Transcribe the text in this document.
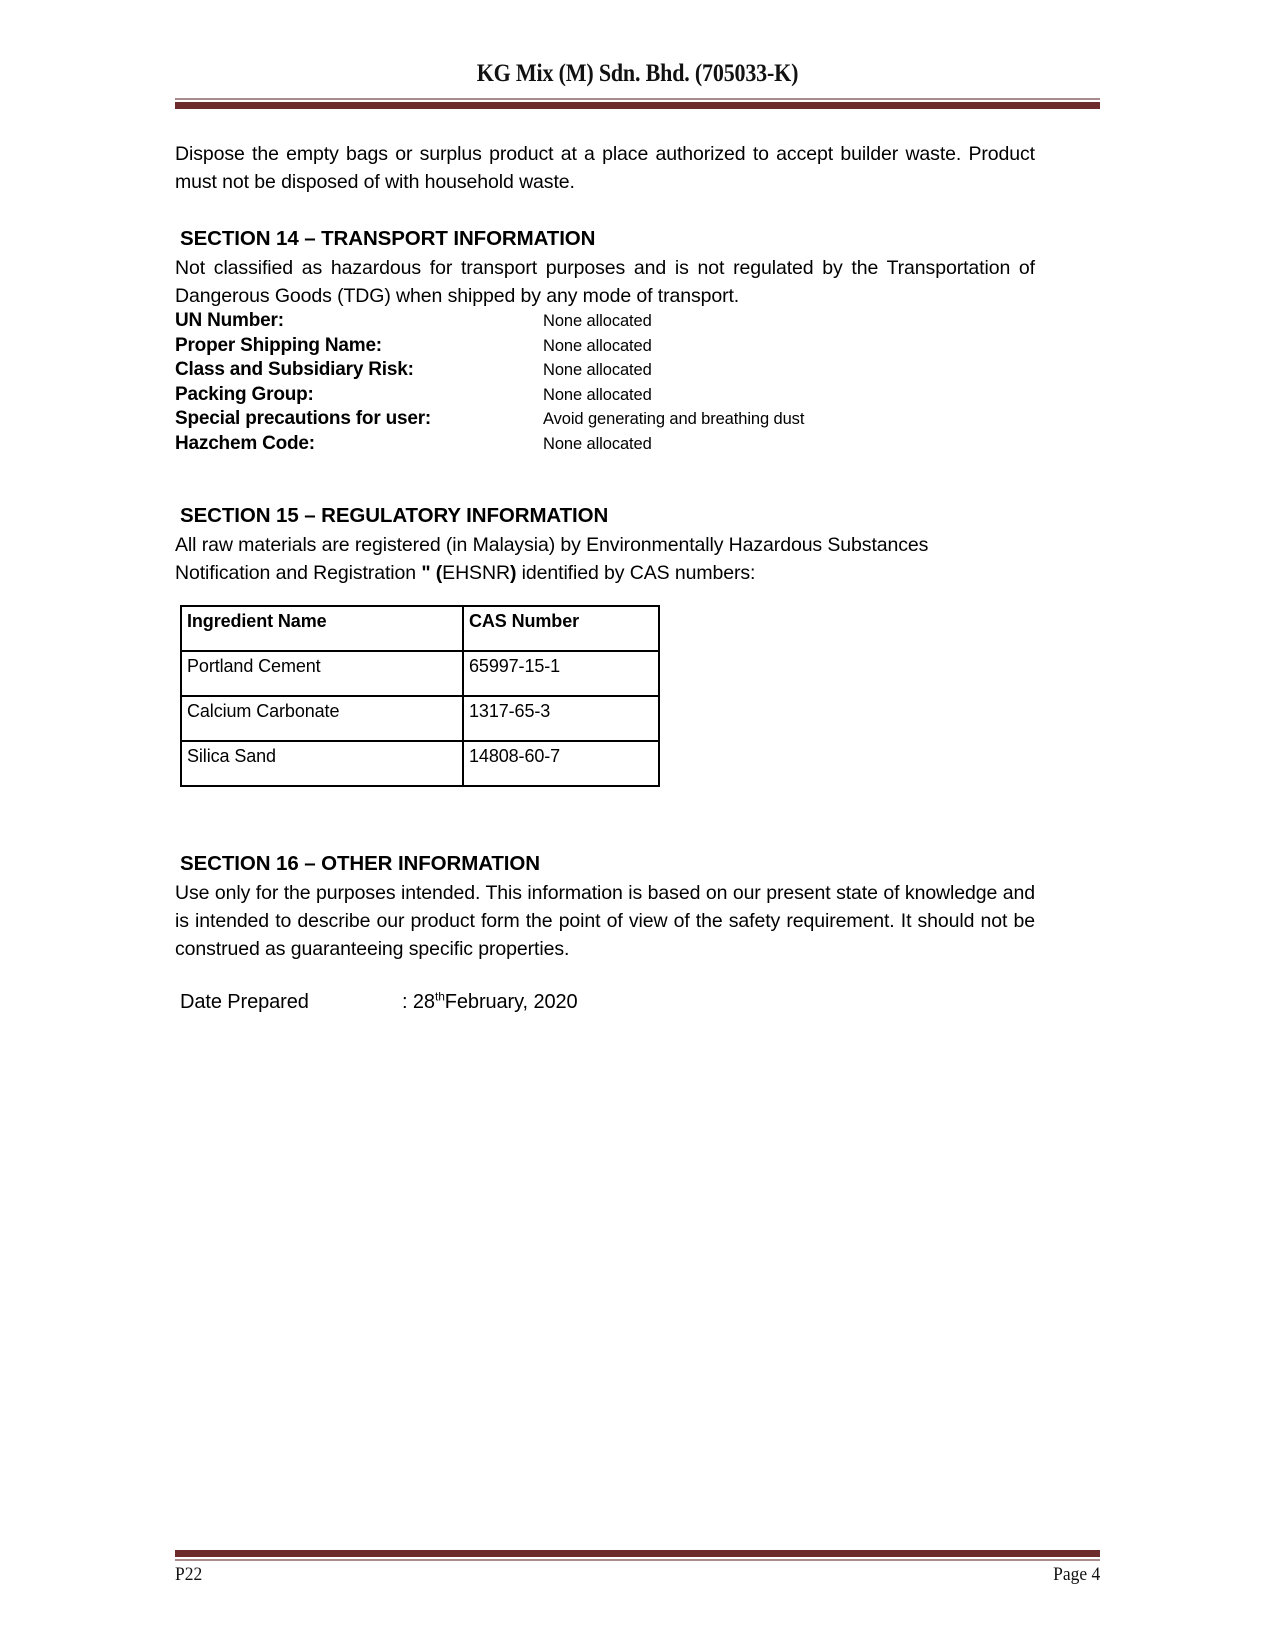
KG Mix (M) Sdn. Bhd. (705033-K)

Dispose the empty bags or surplus product at a place authorized to accept builder waste. Product must not be disposed of with household waste.

SECTION 14 – TRANSPORT INFORMATION

Not classified as hazardous for transport purposes and is not regulated by the Transportation of Dangerous Goods (TDG) when shipped by any mode of transport.

UN Number:	None allocated
Proper Shipping Name:	None allocated
Class and Subsidiary Risk:	None allocated
Packing Group:	None allocated
Special precautions for user:	Avoid generating and breathing dust
Hazchem Code:	None allocated
SECTION 15 – REGULATORY INFORMATION

All raw materials are registered (in Malaysia) by Environmentally Hazardous Substances
Notification and Registration " (EHSNR) identified by CAS numbers:

Ingredient Name	CAS Number
Portland Cement	65997-15-1
Calcium Carbonate	1317-65-3
Silica Sand	14808-60-7
SECTION 16 – OTHER INFORMATION

Use only for the purposes intended. This information is based on our present state of knowledge and is intended to describe our product form the point of view of the safety requirement. It should not be construed as guaranteeing specific properties.

Date Prepared	: 28thFebruary, 2020
P22	Page 4
